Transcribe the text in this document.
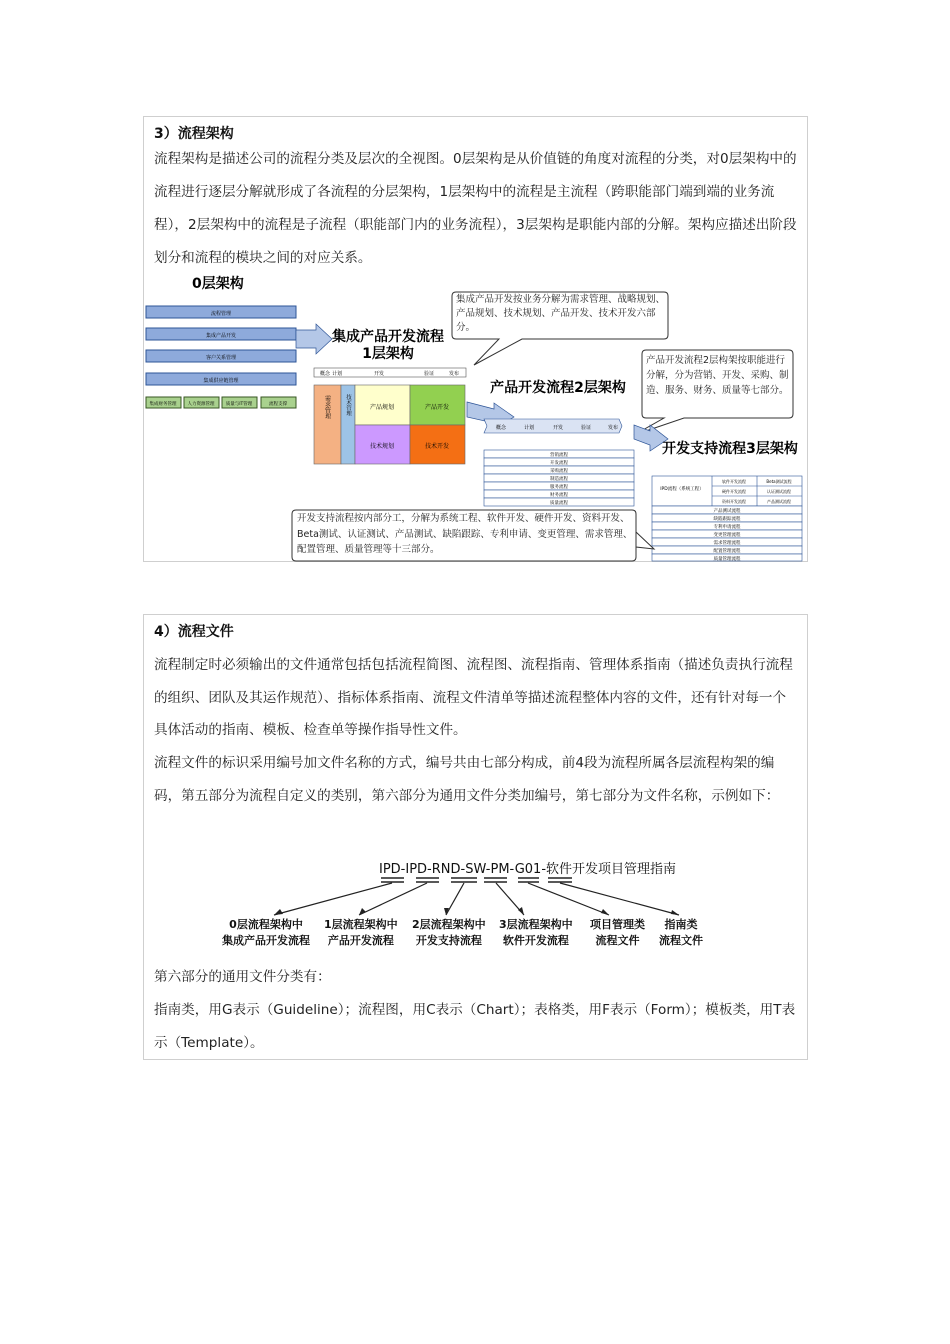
3）流程架构
流程架构是描述公司的流程分类及层次的全视图。0层架构是从价值链的角度对流程的分类，对0层架构中的流程进行逐层分解就形成了各流程的分层架构，1层架构中的流程是主流程（跨职能部门端到端的业务流程），2层架构中的流程是子流程（职能部门内的业务流程），3层架构是职能内部的分解。架构应描述出阶段划分和流程的模块之间的对应关系。
0层架构
流程管理
集成产品开发
客户关系管理
集成供应链管理
集成财务管理 人力资源管理 质量与IT管理	流程支撑
集成产品开发流程
1层架构
概念 计划	开发	验证	发布
需求管理	技术管理	产品规划	产品开发
技术规划	技术开发
集成产品开发按业务分解为需求管理、战略规划、产品规划、技术规划、产品开发、技术开发六部分。
产品开发流程2层架构
概念	计划	开发	验证	发布
营销流程
开发流程
采购流程
制造流程
服务流程
财务流程
质量流程
产品开发流程2层构架按职能进行分解，分为营销、开发、采购、制造、服务、财务、质量等七部分。
开发支持流程3层架构
IPD流程（系统工程）
软件开发流程	Beta测试流程
硬件开发流程	认证测试流程
资料开发流程	产品测试流程
产品测试流程
缺陷跟踪流程
专利申请流程
变更管理流程
需求管理流程
配置管理流程
质量管理流程
开发支持流程按内部分工，分解为系统工程、软件开发、硬件开发、资料开发、Beta测试、认证测试、产品测试、缺陷跟踪、专利申请、变更管理、需求管理、配置管理、质量管理等十三部分。
4）流程文件
流程制定时必须输出的文件通常包括包括流程简图、流程图、流程指南、管理体系指南（描述负责执行流程的组织、团队及其运作规范）、指标体系指南、流程文件清单等描述流程整体内容的文件，还有针对每一个具体活动的指南、模板、检查单等操作指导性文件。
流程文件的标识采用编号加文件名称的方式，编号共由七部分构成，前4段为流程所属各层流程构架的编码，第五部分为流程自定义的类别，第六部分为通用文件分类加编号，第七部分为文件名称，示例如下：
IPD-IPD-RND-SW-PM-G01-软件开发项目管理指南
0层流程架构中
集成产品开发流程
1层流程架构中
产品开发流程
2层流程架构中
开发支持流程
3层流程架构中
软件开发流程
项目管理类
流程文件
指南类
流程文件
第六部分的通用文件分类有：
指南类，用G表示（Guideline）；流程图，用C表示（Chart）；表格类，用F表示（Form）；模板类，用T表示（Template）。
